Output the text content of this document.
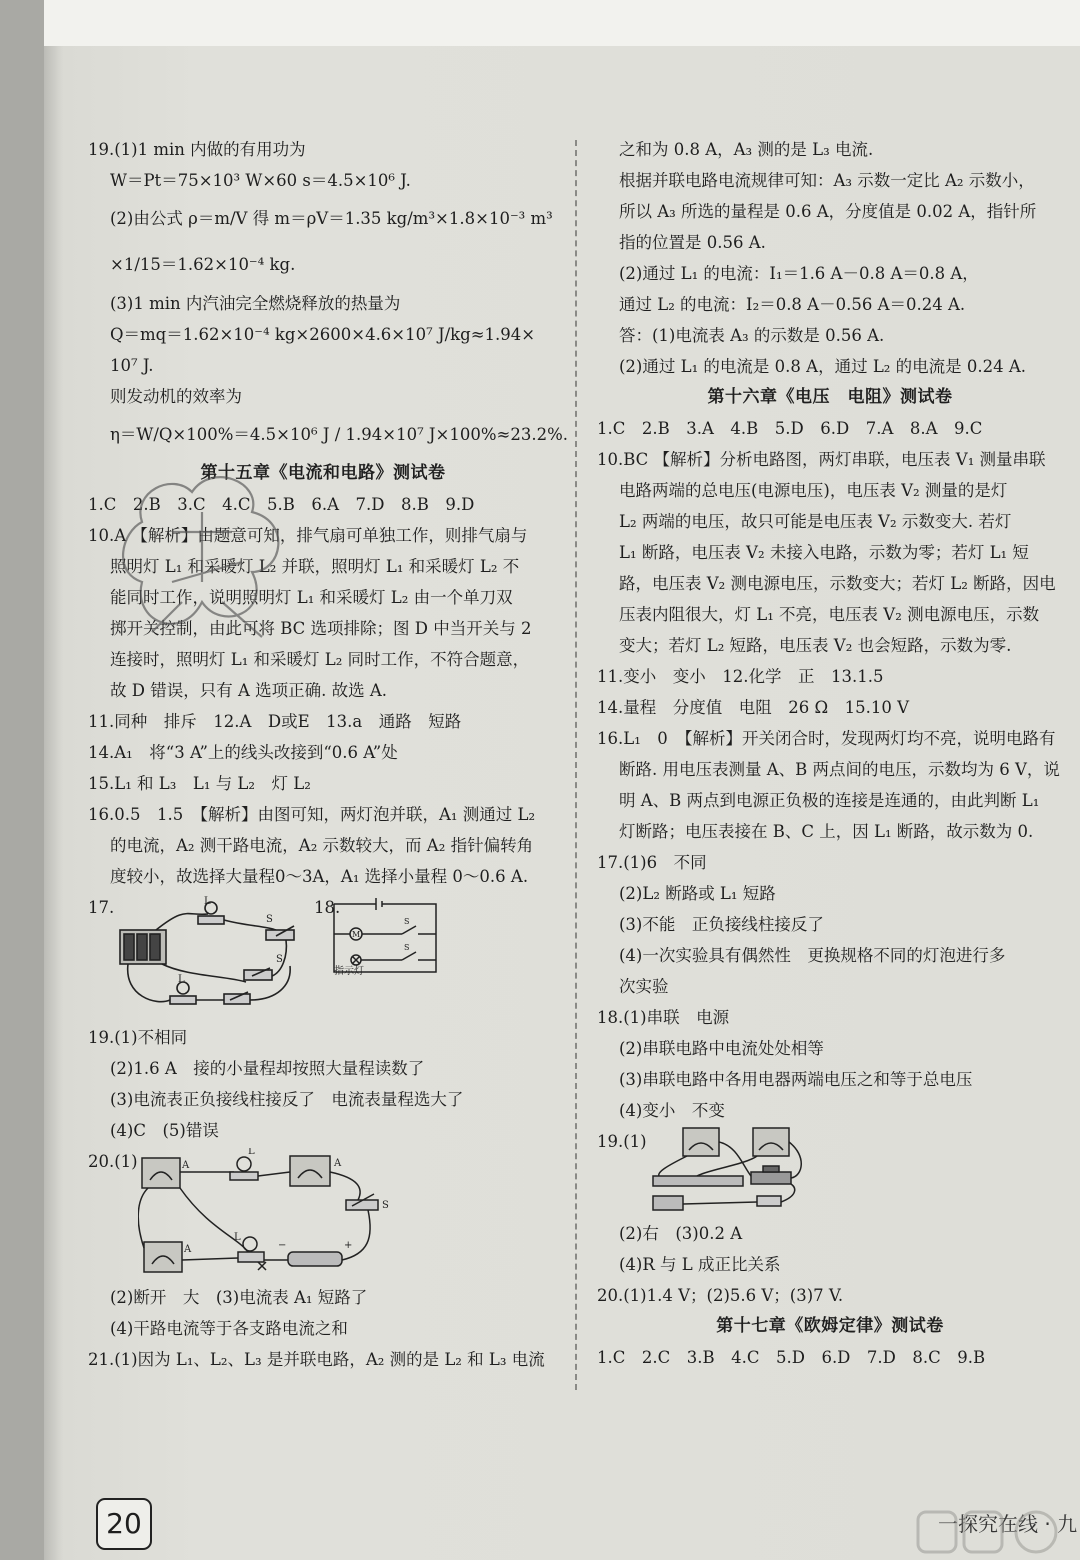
19.(1)1 min 内做的有用功为
W＝Pt＝75×10³ W×60 s＝4.5×10⁶ J.
(2)由公式 ρ＝m/V 得 m＝ρV＝1.35 kg/m³×1.8×10⁻³ m³
×1/15＝1.62×10⁻⁴ kg.
(3)1 min 内汽油完全燃烧释放的热量为
Q＝mq＝1.62×10⁻⁴ kg×2600×4.6×10⁷ J/kg≈1.94×
10⁷ J.
则发动机的效率为
η＝W/Q×100%＝4.5×10⁶ J / 1.94×10⁷ J×100%≈23.2%.
第十五章《电流和电路》测试卷
1.C　2.B　3.C　4.C　5.B　6.A　7.D　8.B　9.D
10.A 【解析】由题意可知，排气扇可单独工作，则排气扇与
照明灯 L₁ 和采暖灯 L₂ 并联，照明灯 L₁ 和采暖灯 L₂ 不
能同时工作，说明照明灯 L₁ 和采暖灯 L₂ 由一个单刀双
掷开关控制，由此可将 BC 选项排除；图 D 中当开关与 2
连接时，照明灯 L₁ 和采暖灯 L₂ 同时工作，不符合题意，
故 D 错误，只有 A 选项正确. 故选 A.
11.同种　排斥　12.A　D或E　13.a　通路　短路
14.A₁　将“3 A”上的线头改接到“0.6 A”处
15.L₁ 和 L₃　L₁ 与 L₂　灯 L₂
16.0.5　1.5　【解析】由图可知，两灯泡并联，A₁ 测通过 L₂
的电流，A₂ 测干路电流，A₂ 示数较大，而 A₂ 指针偏转角
度较小，故选择大量程0～3A，A₁ 选择小量程 0～0.6 A.
17.	L
S
L
S
18.
M
S
S
指示灯
19.(1)不相同
(2)1.6 A　接的小量程却按照大量程读数了
(3)电流表正负接线柱接反了　电流表量程选大了
(4)C　(5)错误
20.(1)	A
L
A
S
A
L
−	+
(2)断开　大　(3)电流表 A₁ 短路了
(4)干路电流等于各支路电流之和
21.(1)因为 L₁、L₂、L₃ 是并联电路，A₂ 测的是 L₂ 和 L₃ 电流
之和为 0.8 A，A₃ 测的是 L₃ 电流.
根据并联电路电流规律可知：A₃ 示数一定比 A₂ 示数小，
所以 A₃ 所选的量程是 0.6 A，分度值是 0.02 A，指针所
指的位置是 0.56 A.
(2)通过 L₁ 的电流：I₁＝1.6 A－0.8 A＝0.8 A，
通过 L₂ 的电流：I₂＝0.8 A－0.56 A＝0.24 A.
答：(1)电流表 A₃ 的示数是 0.56 A.
(2)通过 L₁ 的电流是 0.8 A，通过 L₂ 的电流是 0.24 A.
第十六章《电压　电阻》测试卷
1.C　2.B　3.A　4.B　5.D　6.D　7.A　8.A　9.C
10.BC 【解析】分析电路图，两灯串联，电压表 V₁ 测量串联
电路两端的总电压(电源电压)，电压表 V₂ 测量的是灯
L₂ 两端的电压，故只可能是电压表 V₂ 示数变大. 若灯
L₁ 断路，电压表 V₂ 未接入电路，示数为零；若灯 L₁ 短
路，电压表 V₂ 测电源电压，示数变大；若灯 L₂ 断路，因电
压表内阻很大，灯 L₁ 不亮，电压表 V₂ 测电源电压，示数
变大；若灯 L₂ 短路，电压表 V₂ 也会短路，示数为零.
11.变小　变小　12.化学　正　13.1.5
14.量程　分度值　电阻　26 Ω　15.10 V
16.L₁　0　【解析】开关闭合时，发现两灯均不亮，说明电路有
断路. 用电压表测量 A、B 两点间的电压，示数均为 6 V，说
明 A、B 两点到电源正负极的连接是连通的，由此判断 L₁
灯断路；电压表接在 B、C 上，因 L₁ 断路，故示数为 0.
17.(1)6　不同
(2)L₂ 断路或 L₁ 短路
(3)不能　正负接线柱接反了
(4)一次实验具有偶然性　更换规格不同的灯泡进行多
次实验
18.(1)串联　电源
(2)串联电路中电流处处相等
(3)串联电路中各用电器两端电压之和等于总电压
(4)变小　不变
19.(1)
(2)右　(3)0.2 A
(4)R 与 L 成正比关系
20.(1)1.4 V；(2)5.6 V；(3)7 V.
第十七章《欧姆定律》测试卷
1.C　2.C　3.B　4.C　5.D　6.D　7.D　8.C　9.B
20	一探究在线 · 九
